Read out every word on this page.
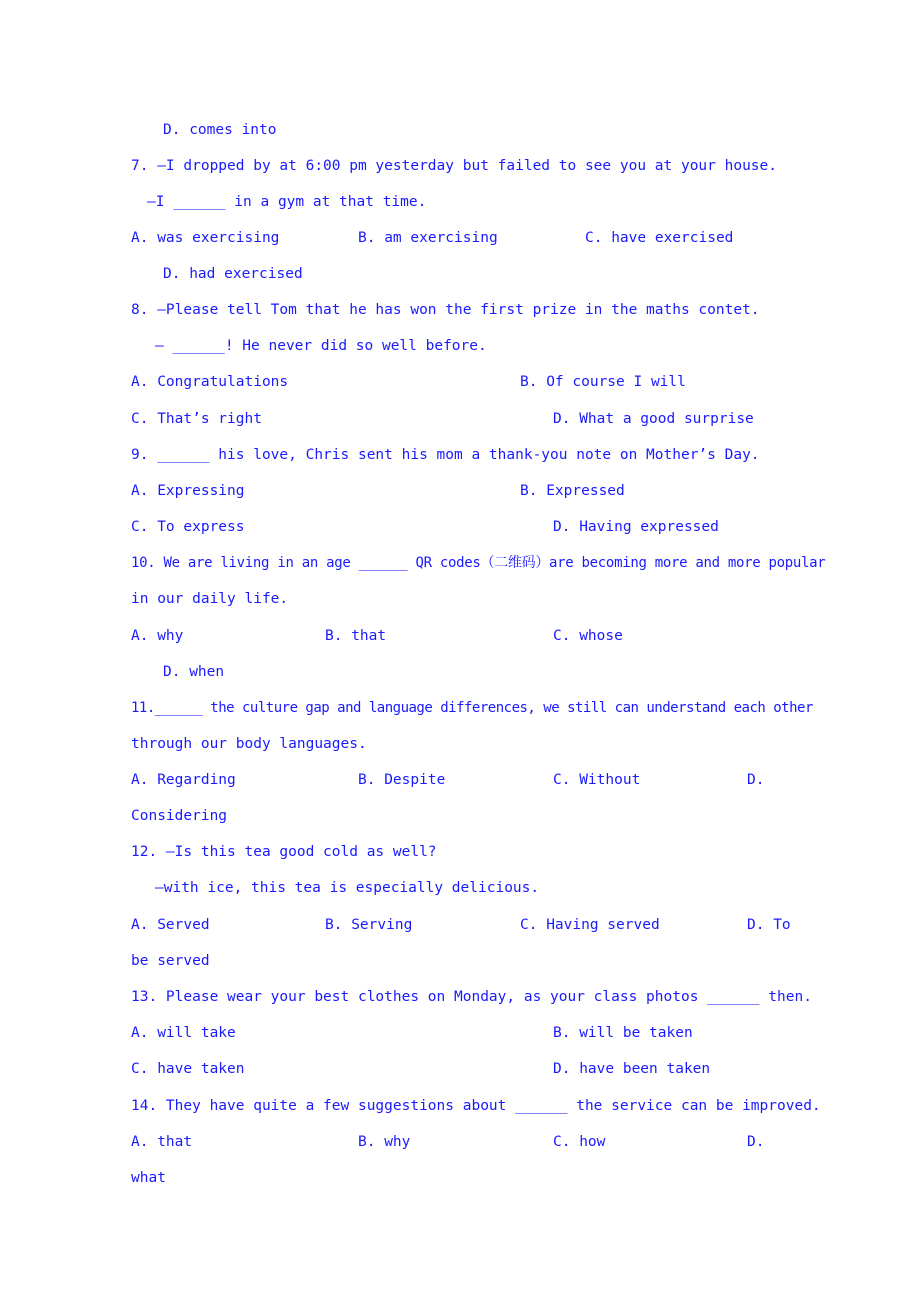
D. comes into
7. —I dropped by at 6:00 pm yesterday but failed to see you at your house.
—I ______ in a gym at that time.
A. was exercising	B. am exercising	C. have exercised
D. had exercised
8. —Please tell Tom that he has won the first prize in the maths contet.
— ______! He never did so well before.
A. Congratulations	B. Of course I will
C. That’s right	D. What a good surprise
9. ______ his love, Chris sent his mom a thank-you note on Mother’s Day.
A. Expressing	B. Expressed
C. To express	D. Having expressed
10. We are living in an age ______ QR codes（二维码）are becoming more and more popular
in our daily life.
A. why	B. that	C. whose
D. when
11.______ the culture gap and language differences, we still can understand each other
through our body languages.
A. Regarding	B. Despite	C. Without	D.
Considering
12. —Is this tea good cold as well?
—with ice, this tea is especially delicious.
A. Served	B. Serving	C. Having served	D. To
be served
13. Please wear your best clothes on Monday, as your class photos ______ then.
A. will take	B. will be taken
C. have taken	D. have been taken
14. They have quite a few suggestions about ______ the service can be improved.
A. that	B. why	C. how	D.
what
